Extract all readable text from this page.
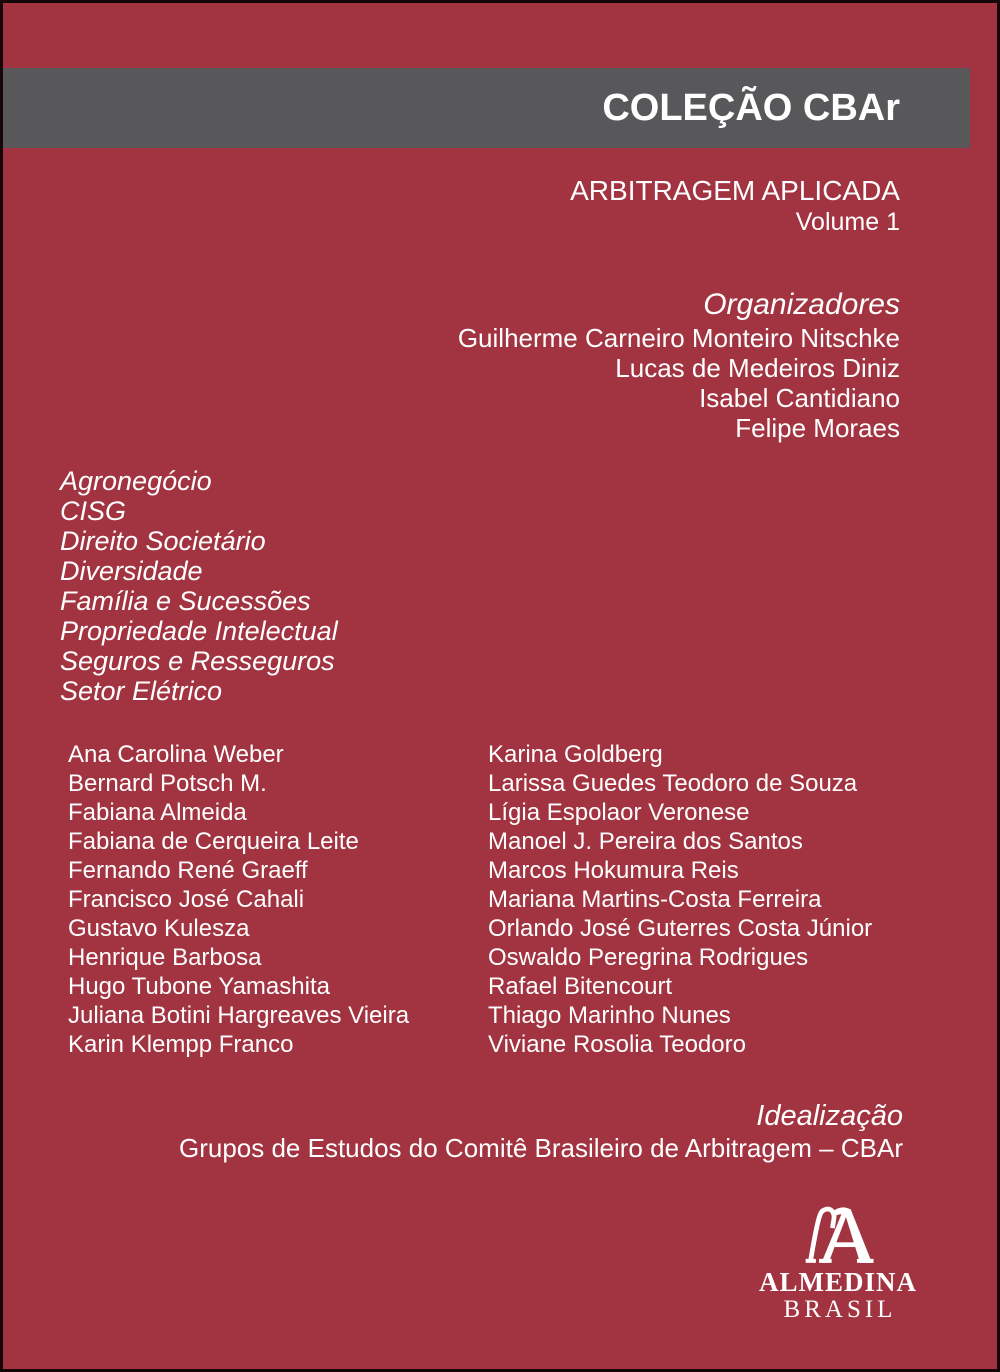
COLEÇÃO CBAr
ARBITRAGEM APLICADA
Volume 1
Organizadores
Guilherme Carneiro Monteiro Nitschke
Lucas de Medeiros Diniz
Isabel Cantidiano
Felipe Moraes
Agronegócio
CISG
Direito Societário
Diversidade
Família e Sucessões
Propriedade Intelectual
Seguros e Resseguros
Setor Elétrico
Ana Carolina Weber
Bernard Potsch M.
Fabiana Almeida
Fabiana de Cerqueira Leite
Fernando René Graeff
Francisco José Cahali
Gustavo Kulesza
Henrique Barbosa
Hugo Tubone Yamashita
Juliana Botini Hargreaves Vieira
Karin Klempp Franco
Karina Goldberg
Larissa Guedes Teodoro de Souza
Lígia Espolaor Veronese
Manoel J. Pereira dos Santos
Marcos Hokumura Reis
Mariana Martins-Costa Ferreira
Orlando José Guterres Costa Júnior
Oswaldo Peregrina Rodrigues
Rafael Bitencourt
Thiago Marinho Nunes
Viviane Rosolia Teodoro
Idealização
Grupos de Estudos do Comitê Brasileiro de Arbitragem – CBAr
ALMEDINA
BRASIL
